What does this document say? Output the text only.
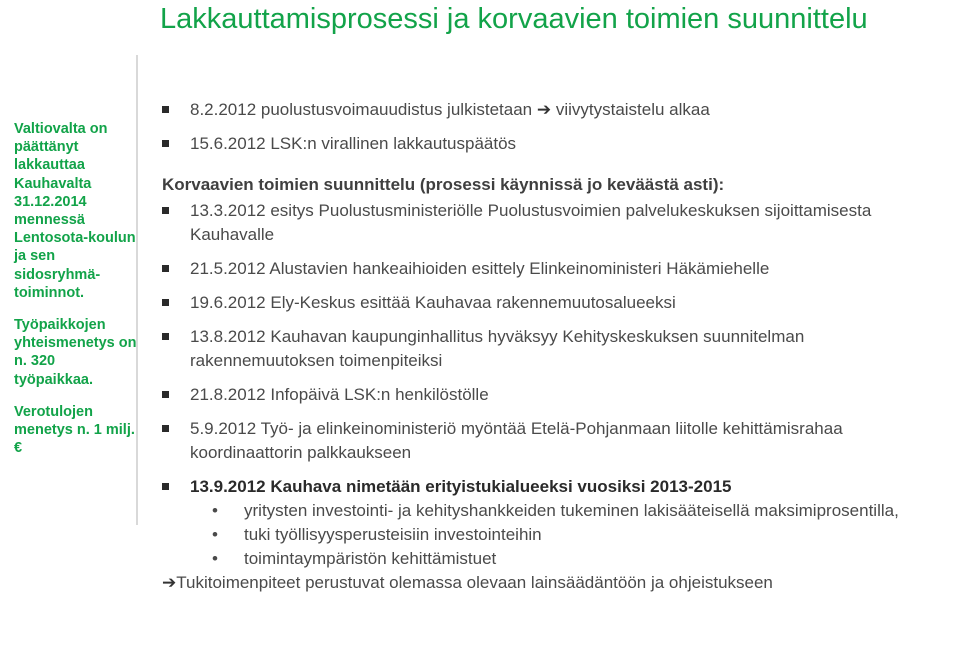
Lakkauttamisprosessi ja korvaavien toimien suunnittelu

Valtiovalta on päättänyt lakkauttaa Kauhavalta 31.12.2014 mennessä Lentosota-koulun ja sen sidosryhmä-toiminnot.

Työpaikkojen yhteismenetys on n. 320 työpaikkaa.

Verotulojen menetys n. 1 milj. €

8.2.2012 puolustusvoimauudistus julkistetaan ➔ viivytystaistelu alkaa
15.6.2012 LSK:n virallinen lakkautuspäätös
Korvaavien toimien suunnittelu (prosessi käynnissä jo keväästä asti):
13.3.2012 esitys Puolustusministeriölle Puolustusvoimien palvelukeskuksen sijoittamisesta Kauhavalle
21.5.2012 Alustavien hankeaihioiden esittely Elinkeinoministeri Häkämiehelle
19.6.2012 Ely-Keskus esittää Kauhavaa rakennemuutosalueeksi
13.8.2012 Kauhavan kaupunginhallitus hyväksyy Kehityskeskuksen suunnitelman rakennemuutoksen toimenpiteiksi
21.8.2012 Infopäivä LSK:n henkilöstölle
5.9.2012 Työ- ja elinkeinoministeriö myöntää Etelä-Pohjanmaan liitolle kehittämisrahaa koordinaattorin palkkaukseen
13.9.2012 Kauhava nimetään erityistukialueeksi vuosiksi 2013-2015
• yritysten investointi- ja kehityshankkeiden tukeminen lakisääteisellä maksimiprosentilla,
• tuki työllisyysperusteisiin investointeihin
• toimintaympäristön kehittämistuet
➔Tukitoimenpiteet perustuvat olemassa olevaan lainsäädäntöön ja ohjeistukseen
